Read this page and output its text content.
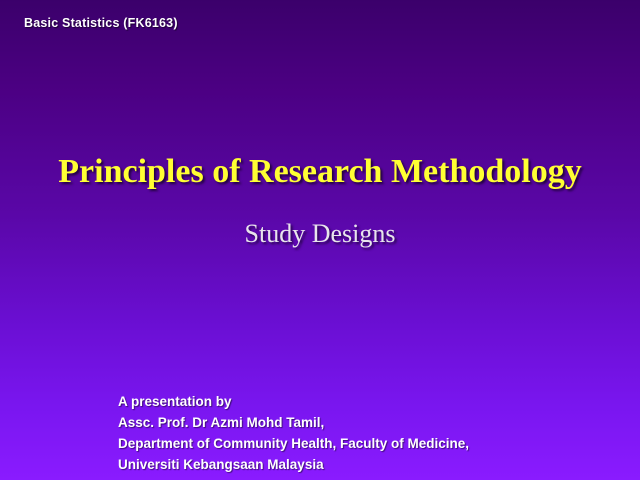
Basic Statistics (FK6163)
Principles of Research Methodology

Study Designs

A presentation by
Assc. Prof. Dr Azmi Mohd Tamil,
Department of Community Health, Faculty of Medicine,
Universiti Kebangsaan Malaysia
